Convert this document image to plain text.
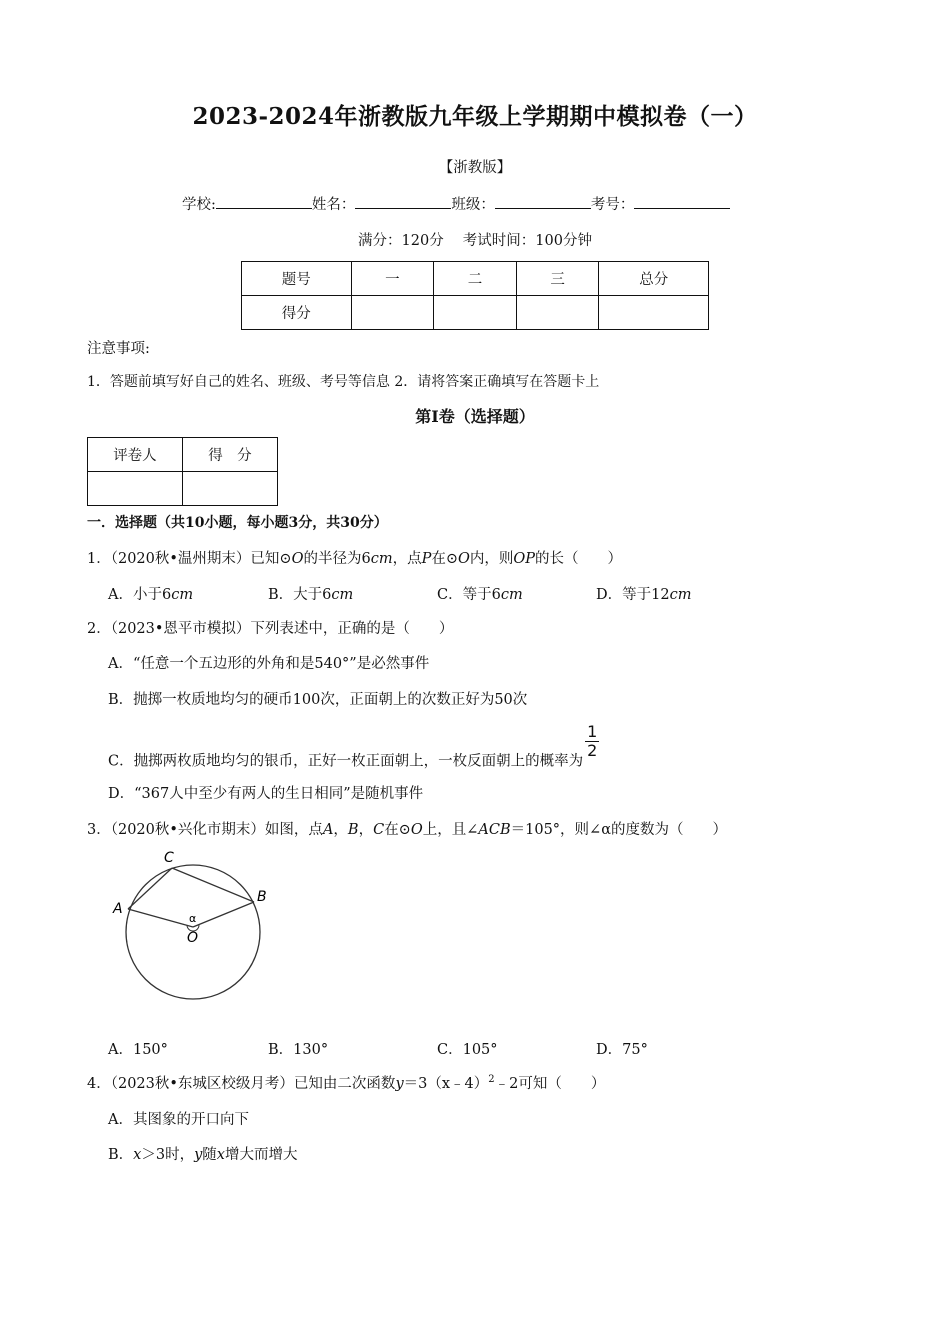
2023-2024年浙教版九年级上学期期中模拟卷（一）
【浙教版】
学校:	姓名：	班级：	考号：
满分：120分　 考试时间：100分钟
题号	一	二	三	总分
得分				
注意事项:
1．答题前填写好自己的姓名、班级、考号等信息 2．请将答案正确填写在答题卡上
第Ⅰ卷（选择题）
评卷人	得　分

一．选择题（共10小题，每小题3分，共30分）
1．（2020秋•温州期末）已知⊙O的半径为6cm，点P在⊙O内，则OP的长（　　）
A．小于6cm	B．大于6cm	C．等于6cm	D．等于12cm
2．（2023•恩平市模拟）下列表述中，正确的是（　　）
A．“任意一个五边形的外角和是540°”是必然事件
B．抛掷一枚质地均匀的硬币100次，正面朝上的次数正好为50次
C．抛掷两枚质地均匀的银币，正好一枚正面朝上，一枚反面朝上的概率为
$\frac{1}{2}$
D．“367人中至少有两人的生日相同”是随机事件
3．（2020秋•兴化市期末）如图，点A，B，C在⊙O上，且∠ACB＝105°，则∠α的度数为（　　）
C
A
B
O
α
A．150°	B．130°	C．105°	D．75°
4．（2023秋•东城区校级月考）已知由二次函数y＝3（x﹣4）$^2$﹣2可知（　　）
A．其图象的开口向下
B．x＞3时，y随x增大而增大
